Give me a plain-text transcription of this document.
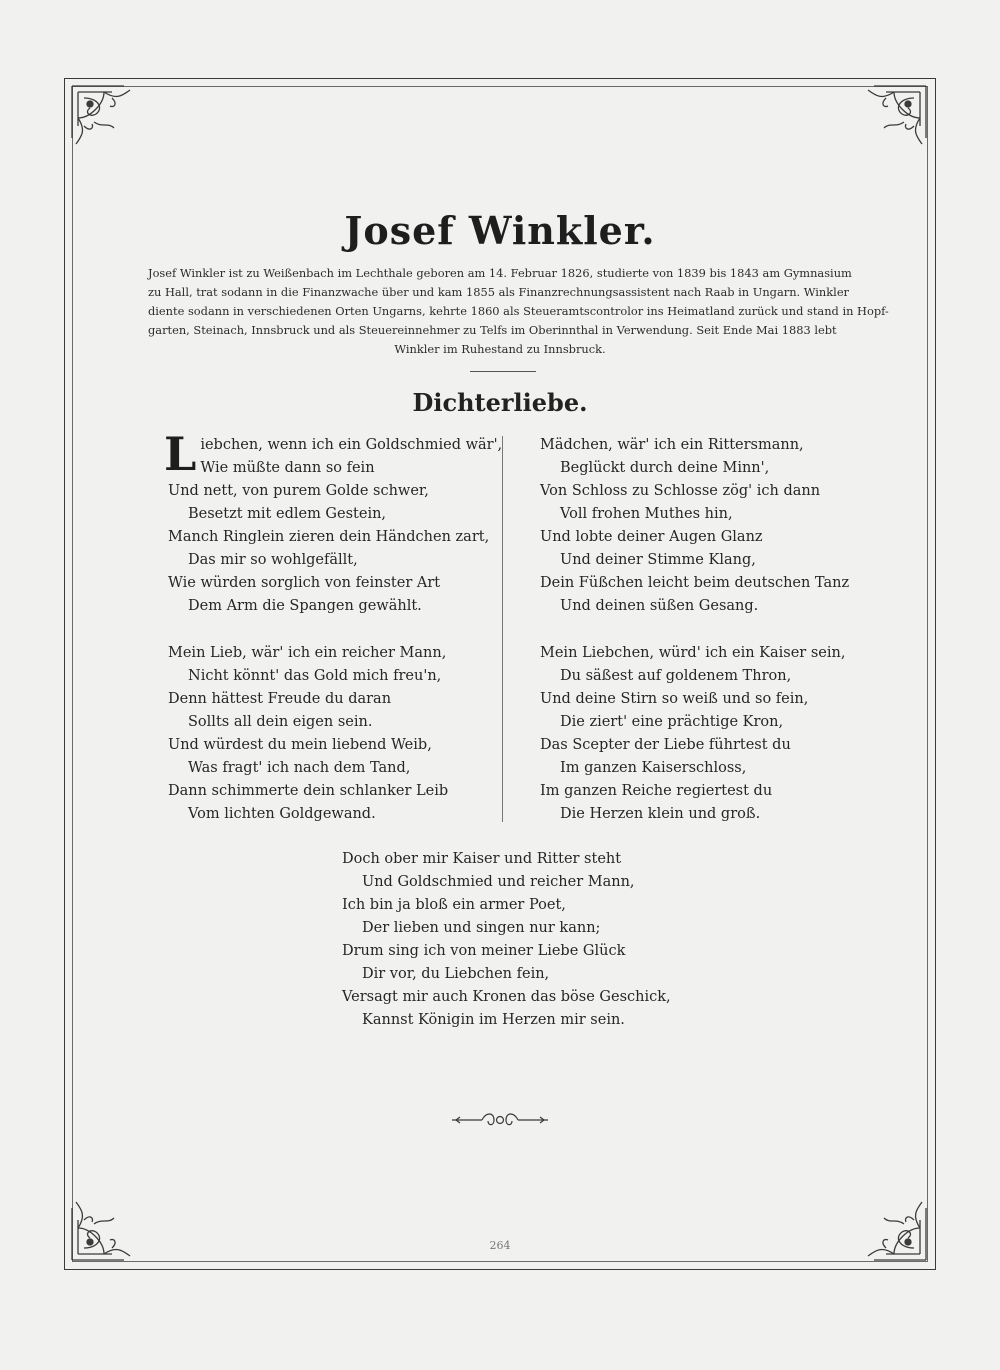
Josef Winkler.
Josef Winkler ist zu Weißenbach im Lechthale geboren am 14. Februar 1826, studierte von 1839 bis 1843 am Gymnasium
zu Hall, trat sodann in die Finanzwache über und kam 1855 als Finanzrechnungsassistent nach Raab in Ungarn. Winkler
diente sodann in verschiedenen Orten Ungarns, kehrte 1860 als Steueramtscontrolor ins Heimatland zurück und stand in Hopf-
garten, Steinach, Innsbruck und als Steuereinnehmer zu Telfs im Oberinnthal in Verwendung. Seit Ende Mai 1883 lebt
Winkler im Ruhestand zu Innsbruck.
Dichterliebe.
L iebchen, wenn ich ein Goldschmied wär',
Wie müßte dann so fein
Und nett, von purem Golde schwer,
Besetzt mit edlem Gestein,
Manch Ringlein zieren dein Händchen zart,
Das mir so wohlgefällt,
Wie würden sorglich von feinster Art
Dem Arm die Spangen gewählt.
Mein Lieb, wär' ich ein reicher Mann,
Nicht könnt' das Gold mich freu'n,
Denn hättest Freude du daran
Sollts all dein eigen sein.
Und würdest du mein liebend Weib,
Was fragt' ich nach dem Tand,
Dann schimmerte dein schlanker Leib
Vom lichten Goldgewand.
Mädchen, wär' ich ein Rittersmann,
Beglückt durch deine Minn',
Von Schloss zu Schlosse zög' ich dann
Voll frohen Muthes hin,
Und lobte deiner Augen Glanz
Und deiner Stimme Klang,
Dein Füßchen leicht beim deutschen Tanz
Und deinen süßen Gesang.
Mein Liebchen, würd' ich ein Kaiser sein,
Du säßest auf goldenem Thron,
Und deine Stirn so weiß und so fein,
Die ziert' eine prächtige Kron,
Das Scepter der Liebe führtest du
Im ganzen Kaiserschloss,
Im ganzen Reiche regiertest du
Die Herzen klein und groß.
Doch ober mir Kaiser und Ritter steht
Und Goldschmied und reicher Mann,
Ich bin ja bloß ein armer Poet,
Der lieben und singen nur kann;
Drum sing ich von meiner Liebe Glück
Dir vor, du Liebchen fein,
Versagt mir auch Kronen das böse Geschick,
Kannst Königin im Herzen mir sein.
264
